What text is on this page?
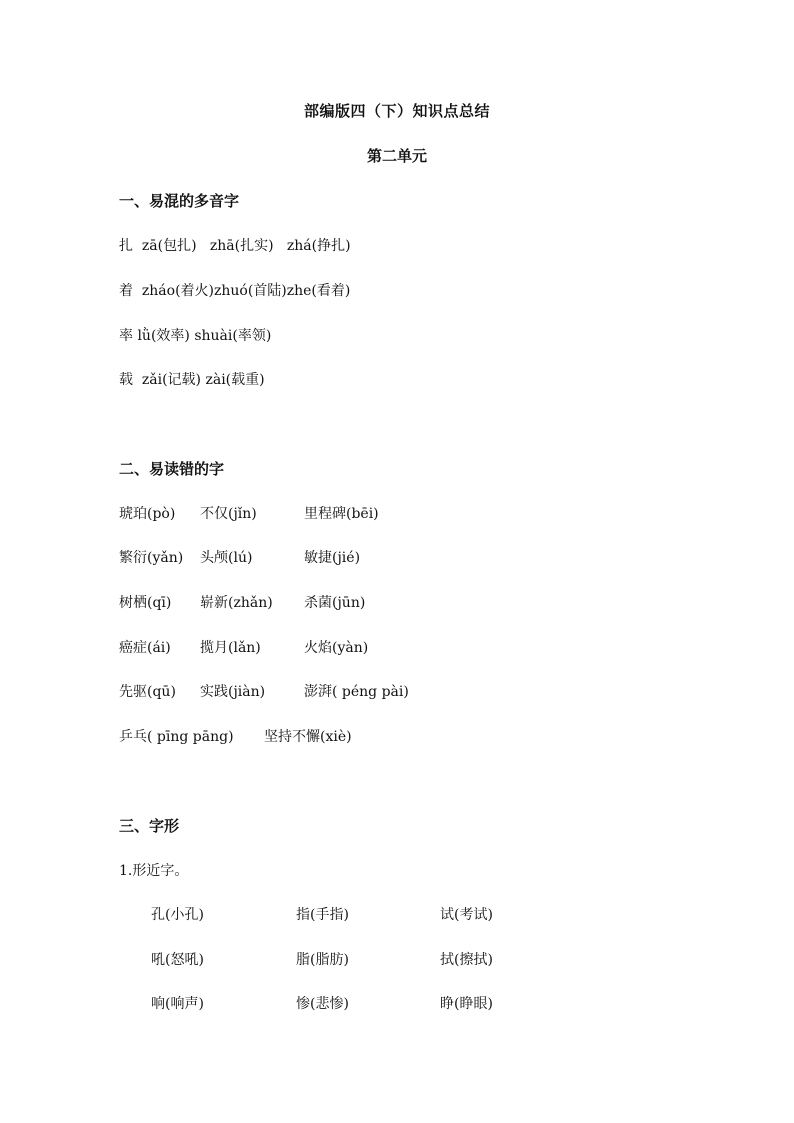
部编版四（下）知识点总结
第二单元
一、易混的多音字
扎  zā(包扎)   zhā(扎实)   zhá(挣扎)
着  zháo(着火)zhuó(首陆)zhe(看着)
率 lǜ(效率) shuài(率领)
载  zǎi(记载) zài(载重)
二、易读错的字
琥珀(pò) 不仅(jǐn)	里程碑(bēi)
繁衍(yǎn) 头颅(lú)	敏捷(jié)
树栖(qī) 崭新(zhǎn) 杀菌(jūn)
癌症(ái) 揽月(lǎn)	火焰(yàn)
先驱(qū) 实践(jiàn)	澎湃( péng pài)
乒乓( pīng pāng) 坚持不懈(xiè)
三、字形
1.形近字。
孔(小孔)	指(手指)	试(考试)
吼(怒吼)	脂(脂肪)	拭(擦拭)
响(响声)	惨(悲惨)	睁(睁眼)
